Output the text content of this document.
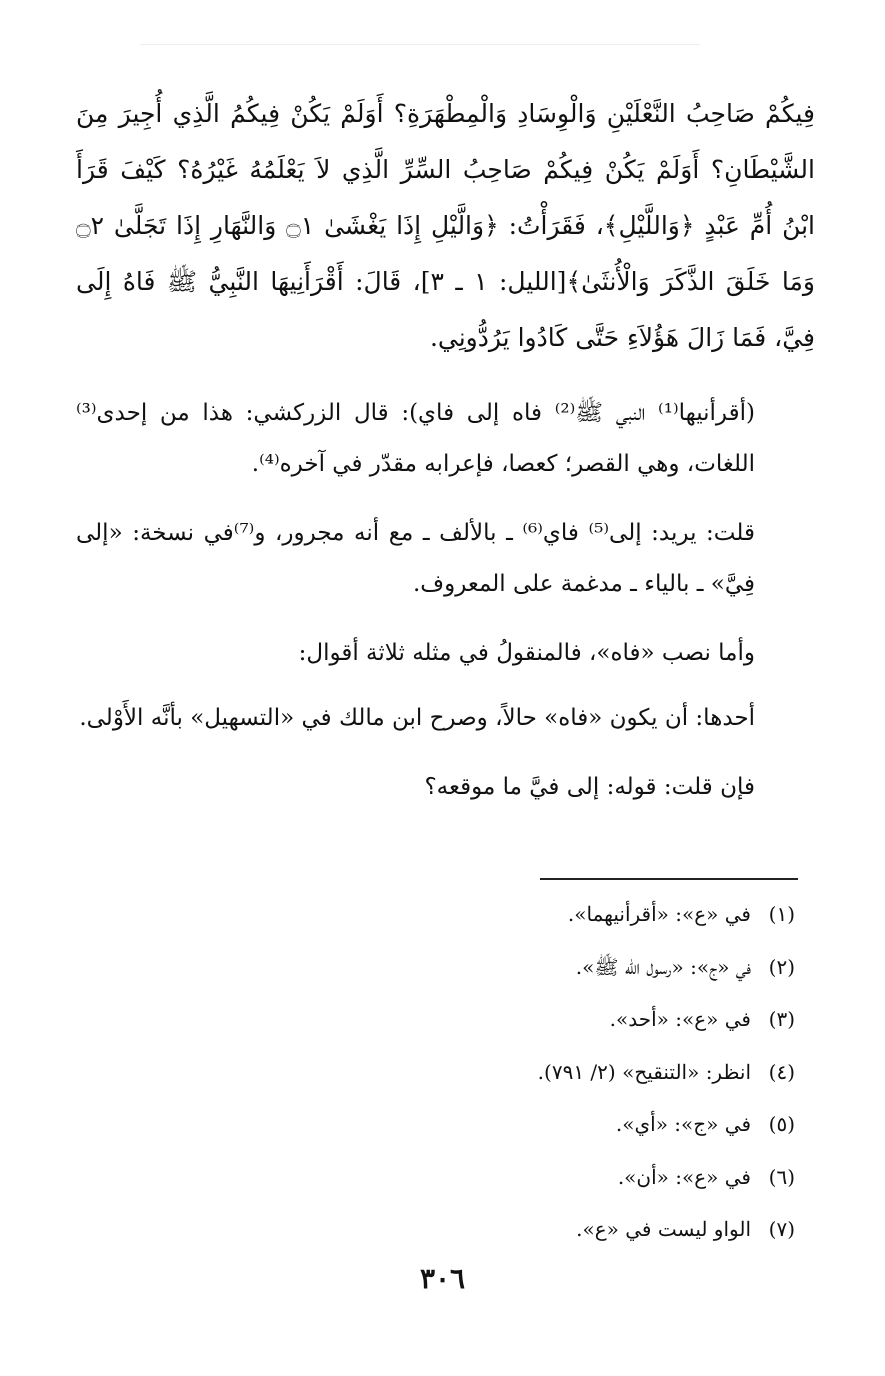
فِيكُمْ صَاحِبُ النَّعْلَيْنِ وَالْوِسَادِ وَالْمِطْهَرَةِ؟ أَوَلَمْ يَكُنْ فِيكُمُ الَّذِي أُجِيرَ مِنَ الشَّيْطَانِ؟ أَوَلَمْ يَكُنْ فِيكُمْ صَاحِبُ السِّرِّ الَّذِي لاَ يَعْلَمُهُ غَيْرُهُ؟ كَيْفَ قَرَأَ ابْنُ أُمِّ عَبْدٍ ﴿وَاللَّيْلِ﴾، فَقَرَأْتُ: ﴿وَالَّيْلِ إِذَا يَغْشَىٰ ۝١ وَالنَّهَارِ إِذَا تَجَلَّىٰ ۝٢ وَمَا خَلَقَ الذَّكَرَ وَالْأُنثَىٰ﴾[الليل: ١ ـ ٣]، قَالَ: أَقْرَأَنِيهَا النَّبِيُّ ﷺ فَاهُ إِلَى فِيَّ، فَمَا زَالَ هَؤُلاَءِ حَتَّى كَادُوا يَرُدُّونِي.

(أقرأنيها⁽¹⁾ النبي ﷺ⁽²⁾ فاه إلى فاي): قال الزركشي: هذا من إحدى⁽³⁾ اللغات، وهي القصر؛ كعصا، فإعرابه مقدّر في آخره⁽⁴⁾.

قلت: يريد: إلى⁽⁵⁾ فاي⁽⁶⁾ ـ بالألف ـ مع أنه مجرور، و⁽⁷⁾في نسخة: «إلى فِيَّ» ـ بالياء ـ مدغمة على المعروف.

وأما نصب «فاه»، فالمنقولُ في مثله ثلاثة أقوال:

أحدها: أن يكون «فاه» حالاً، وصرح ابن مالك في «التسهيل» بأنَّه الأَوْلى.

فإن قلت: قوله: إلى فيَّ ما موقعه؟

(١)في «ع»: «أقرأنيهما».
(٢)في «ج»: «رسول الله ﷺ».
(٣)في «ع»: «أحد».
(٤)انظر: «التنقيح» (٢/ ٧٩١).
(٥)في «ج»: «أي».
(٦)في «ع»: «أن».
(٧)الواو ليست في «ع».
٣٠٦
